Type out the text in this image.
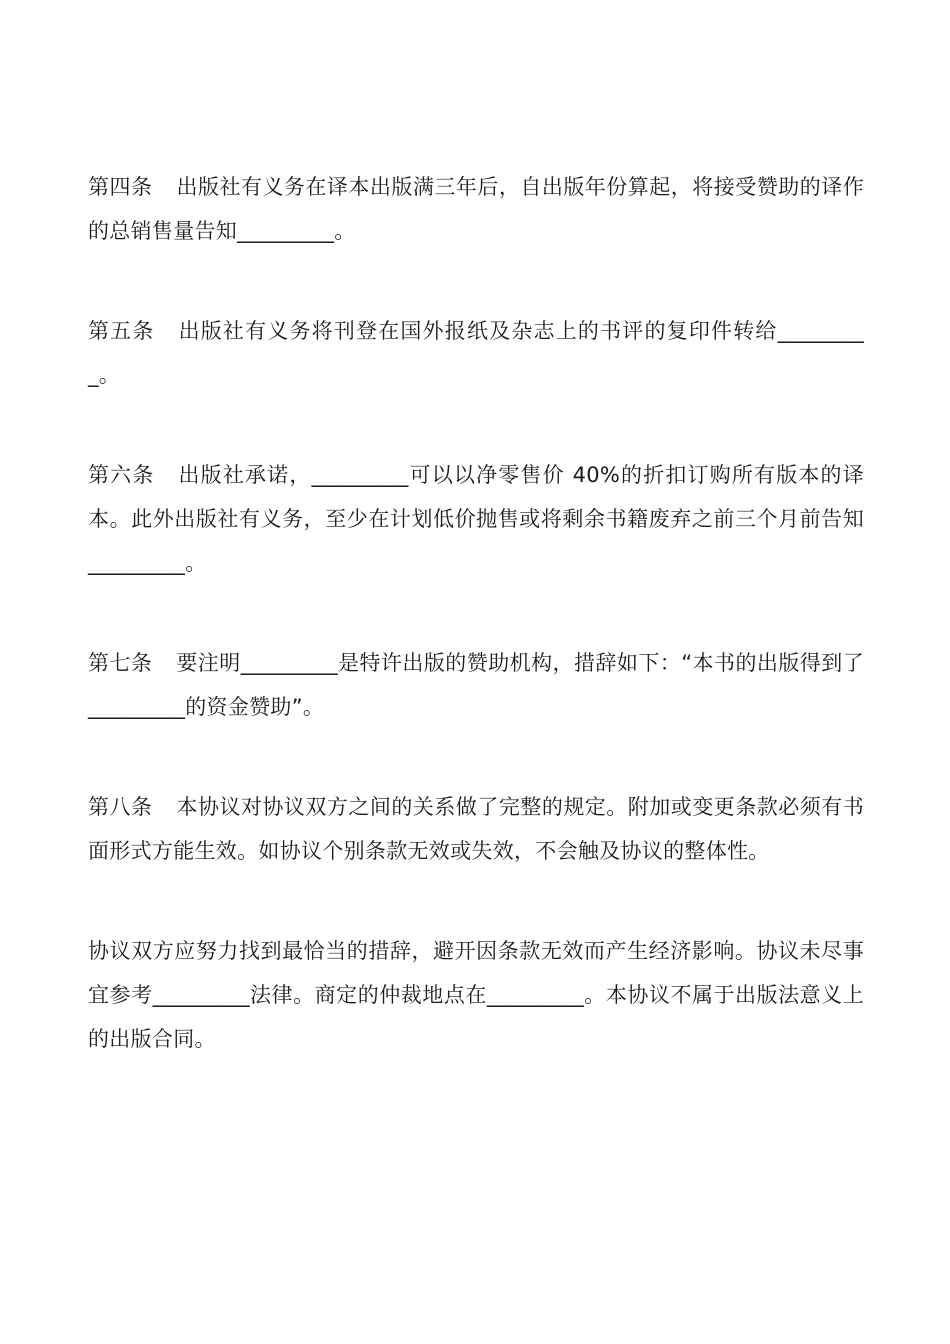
第四条 出版社有义务在译本出版满三年后，自出版年份算起，将接受赞助的译作的总销售量告知_________。

第五条 出版社有义务将刊登在国外报纸及杂志上的书评的复印件转给_________。

第六条 出版社承诺，_________可以以净零售价 40%的折扣订购所有版本的译本。此外出版社有义务，至少在计划低价抛售或将剩余书籍废弃之前三个月前告知_________。

第七条 要注明_________是特许出版的赞助机构，措辞如下：“本书的出版得到了_________的资金赞助”。

第八条 本协议对协议双方之间的关系做了完整的规定。附加或变更条款必须有书面形式方能生效。如协议个别条款无效或失效，不会触及协议的整体性。

协议双方应努力找到最恰当的措辞，避开因条款无效而产生经济影响。协议未尽事宜参考_________法律。商定的仲裁地点在_________。本协议不属于出版法意义上的出版合同。
